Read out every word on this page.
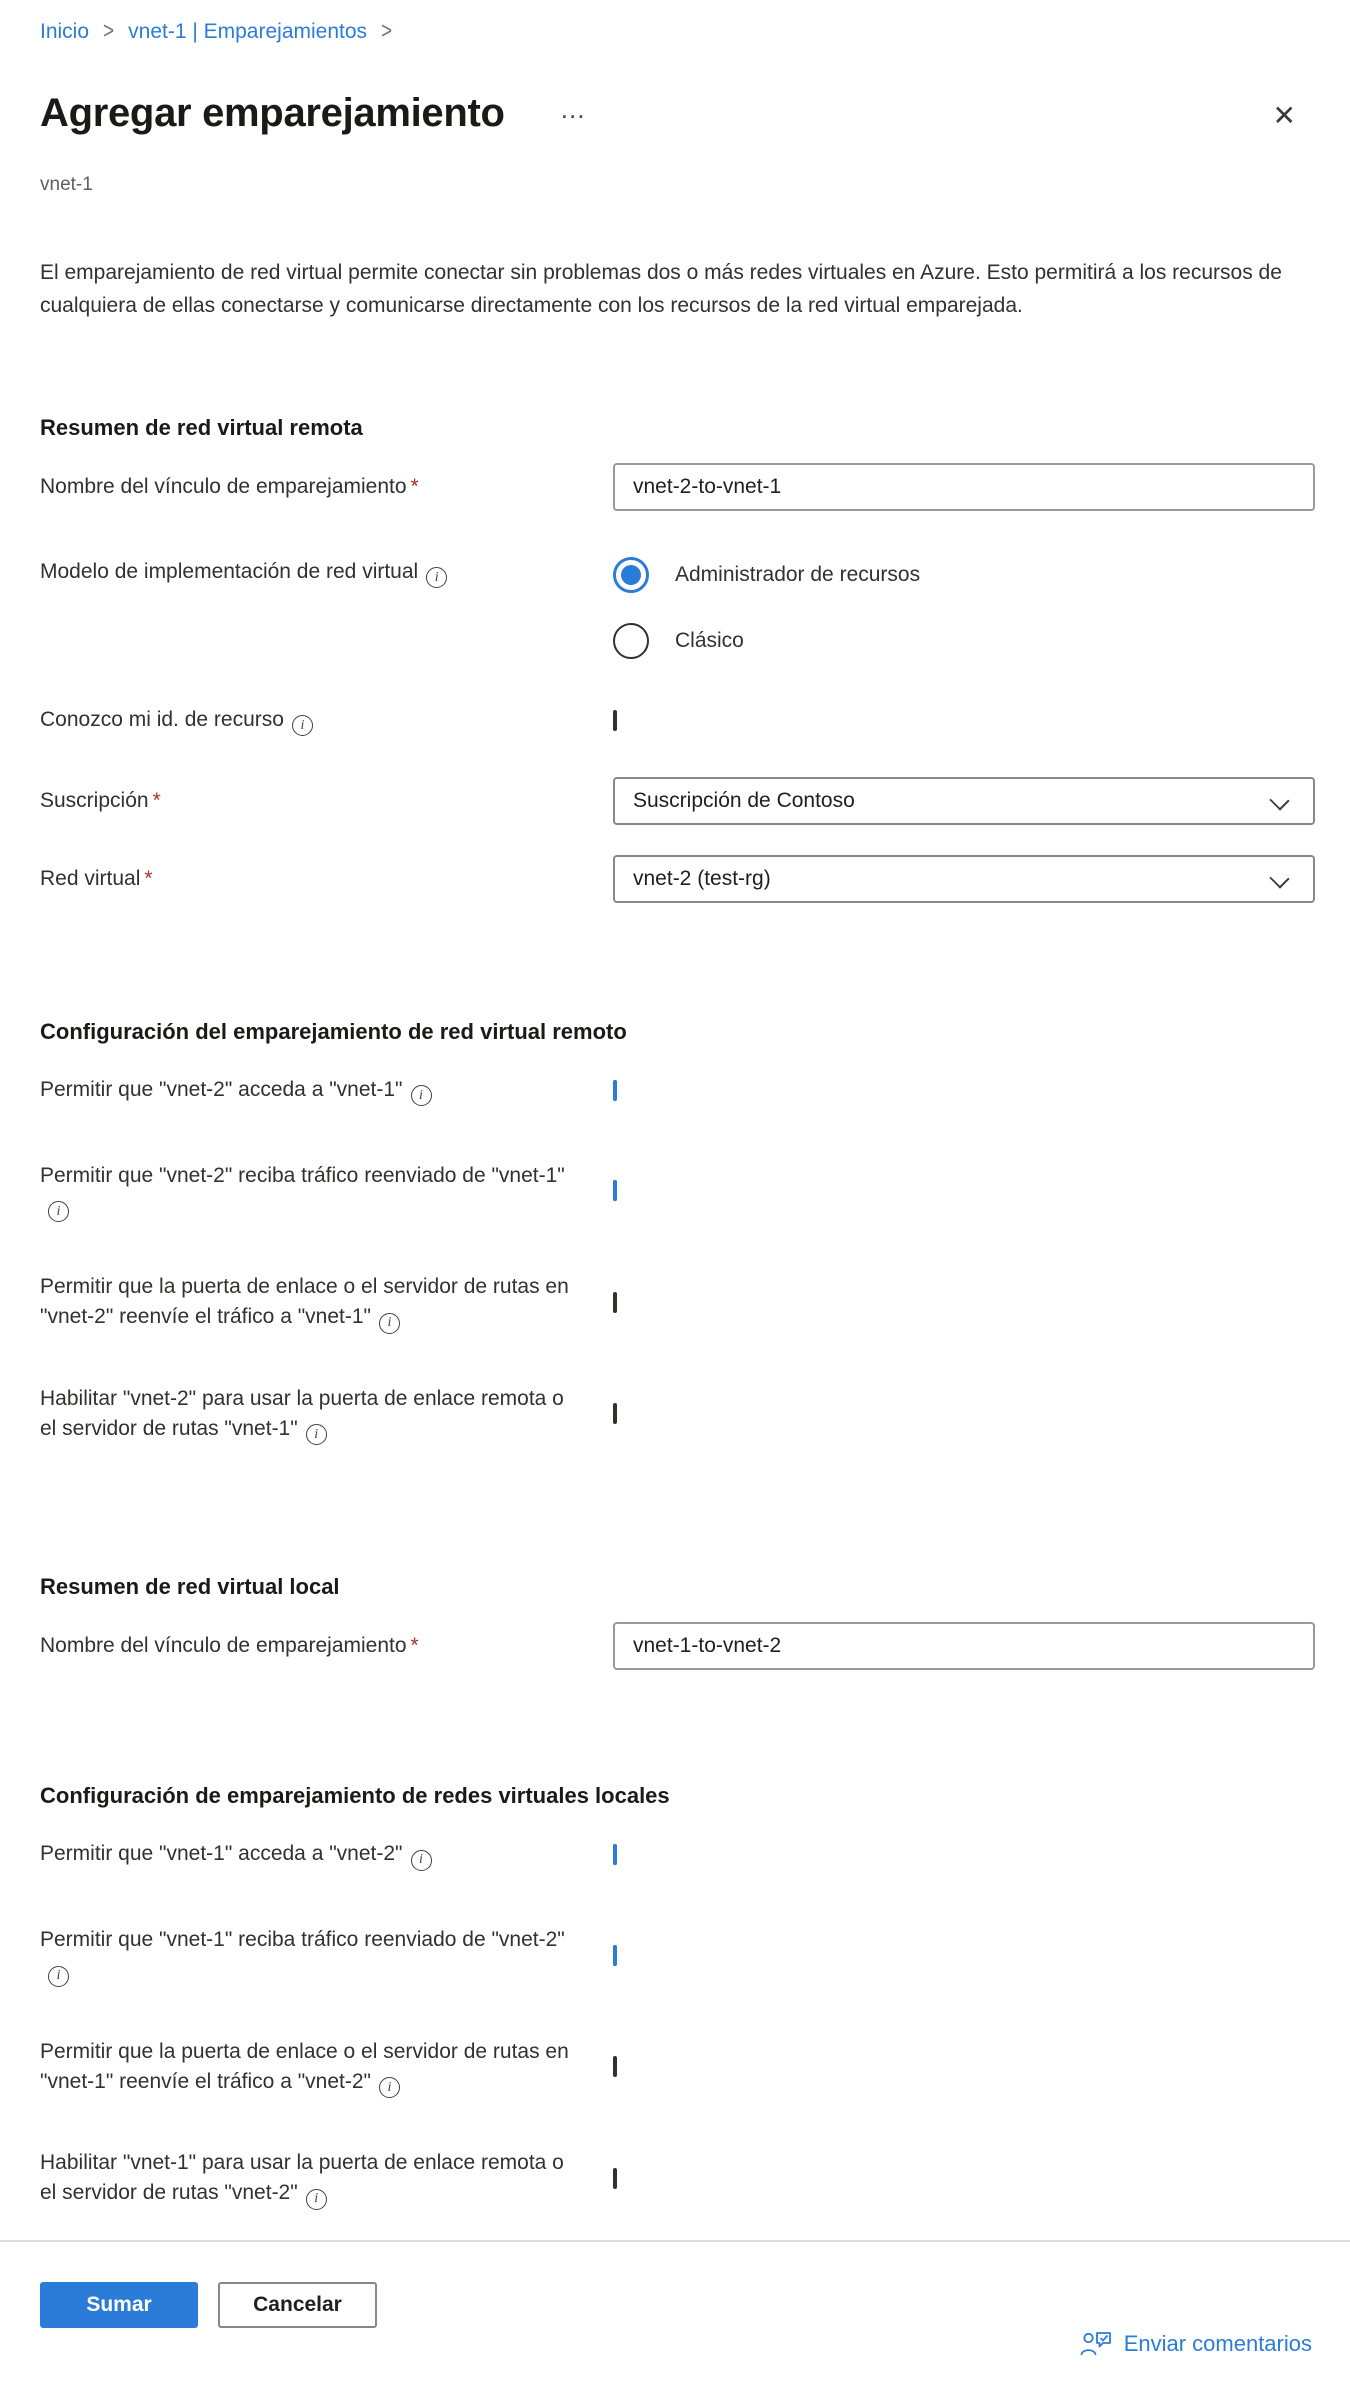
Inicio > vnet-1 | Emparejamientos >
Agregar emparejamiento …	✕
vnet-1

El emparejamiento de red virtual permite conectar sin problemas dos o más redes virtuales en Azure. Esto permitirá a los recursos de cualquiera de ellas conectarse y comunicarse directamente con los recursos de la red virtual emparejada.

Resumen de red virtual remota
Nombre del vínculo de emparejamiento *	vnet-2-to-vnet-1
Modelo de implementación de red virtual i	Administrador de recursos
Clásico
Conozco mi id. de recurso i
Suscripción *	Suscripción de Contoso
Red virtual *	vnet-2 (test-rg)
Configuración del emparejamiento de red virtual remoto
Permitir que "vnet-2" acceda a "vnet-1" i
Permitir que "vnet-2" reciba tráfico reenviado de "vnet-1"i
Permitir que la puerta de enlace o el servidor de rutas en "vnet-2" reenvíe el tráfico a "vnet-1" i
Habilitar "vnet-2" para usar la puerta de enlace remota o el servidor de rutas "vnet-1" i
Resumen de red virtual local
Nombre del vínculo de emparejamiento *	vnet-1-to-vnet-2
Configuración de emparejamiento de redes virtuales locales
Permitir que "vnet-1" acceda a "vnet-2" i
Permitir que "vnet-1" reciba tráfico reenviado de "vnet-2"i
Permitir que la puerta de enlace o el servidor de rutas en "vnet-1" reenvíe el tráfico a "vnet-2" i
Habilitar "vnet-1" para usar la puerta de enlace remota o el servidor de rutas "vnet-2" i
Sumar	Cancelar
Enviar comentarios
